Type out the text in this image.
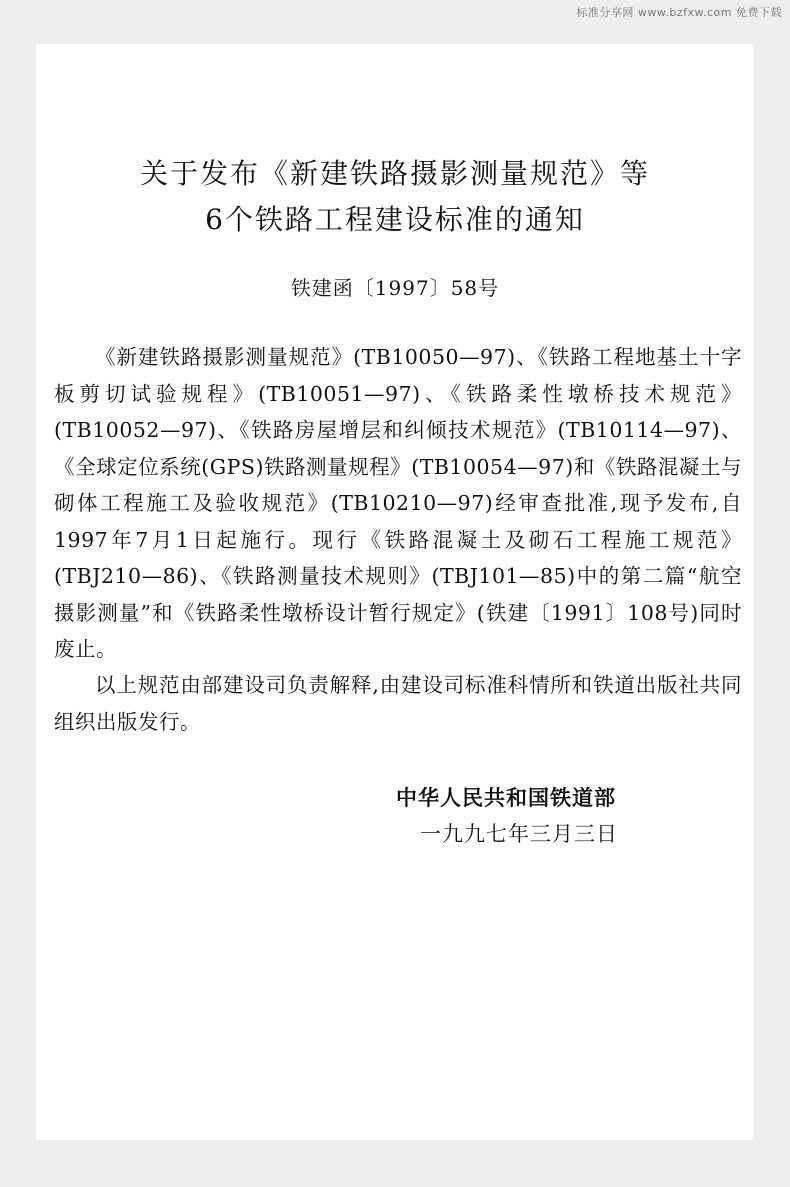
标准分享网 www.bzfxw.com 免费下载
关于发布《新建铁路摄影测量规范》等
6个铁路工程建设标准的通知
铁建函〔1997〕58号
《新建铁路摄影测量规范》(TB10050—97)、《铁路工程地基土十字板剪切试验规程》(TB10051—97)、《铁路柔性墩桥技术规范》(TB10052—97)、《铁路房屋增层和纠倾技术规范》(TB10114—97)、《全球定位系统(GPS)铁路测量规程》(TB10054—97)和《铁路混凝土与砌体工程施工及验收规范》(TB10210—97)经审查批准,现予发布,自1997年7月1日起施行。现行《铁路混凝土及砌石工程施工规范》(TBJ210—86)、《铁路测量技术规则》(TBJ101—85)中的第二篇“航空摄影测量”和《铁路柔性墩桥设计暂行规定》(铁建〔1991〕108号)同时废止。
以上规范由部建设司负责解释,由建设司标准科情所和铁道出版社共同组织出版发行。
中华人民共和国铁道部
一九九七年三月三日
